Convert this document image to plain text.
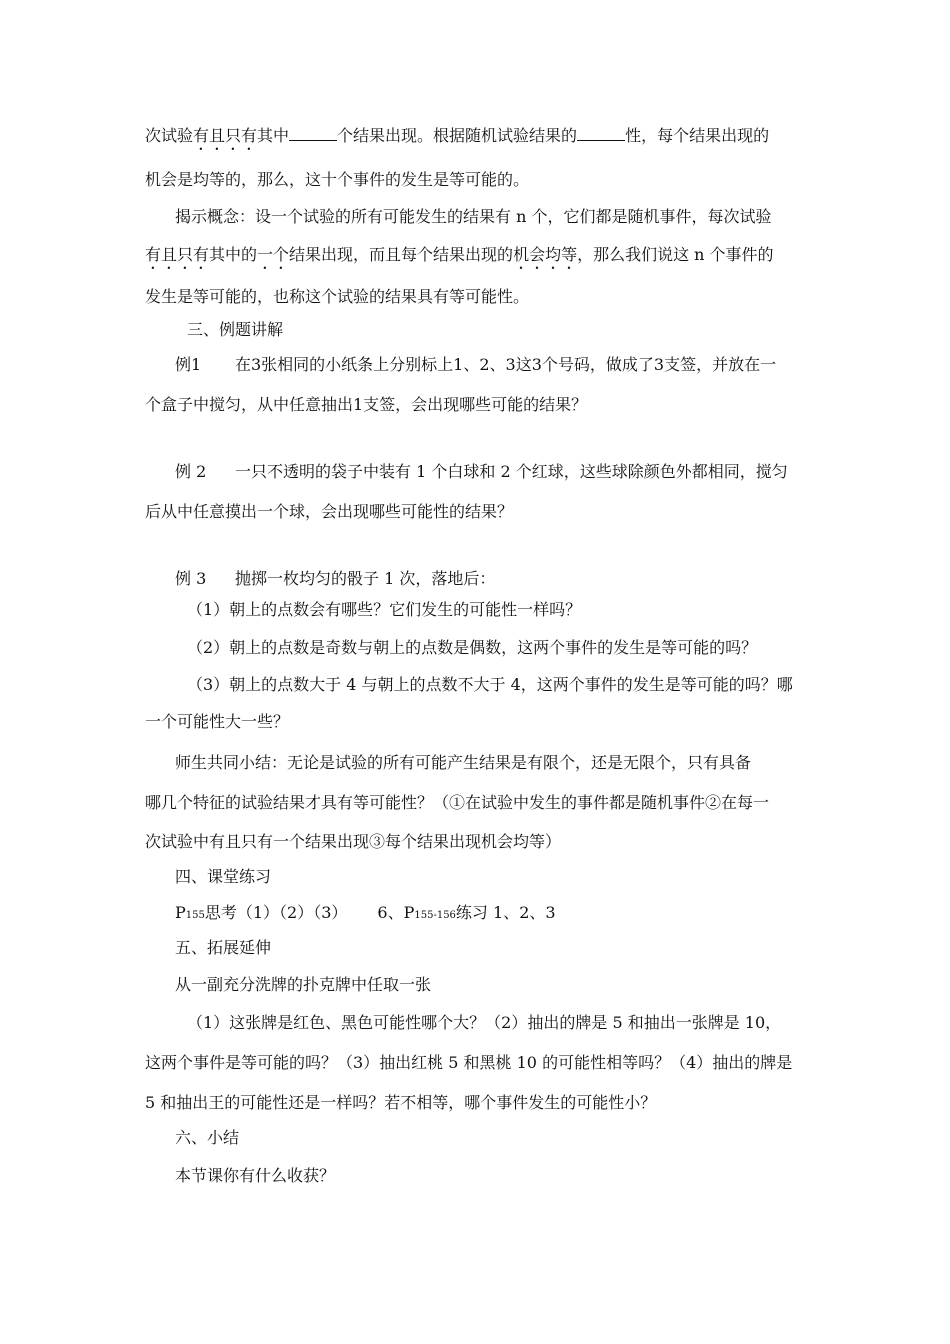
次试验有且只有其中	个结果出现。根据随机试验结果的	性，每个结果出现的
机会是均等的，那么，这十个事件的发生是等可能的。
揭示概念：设一个试验的所有可能发生的结果有 n 个，它们都是随机事件，每次试验
有且只有其中的一个结果出现，而且每个结果出现的机会均等，那么我们说这 n 个事件的
发生是等可能的，也称这个试验的结果具有等可能性。
三、例题讲解
例1 在3张相同的小纸条上分别标上1、2、3这3个号码，做成了3支签，并放在一
个盒子中搅匀，从中任意抽出1支签，会出现哪些可能的结果？
例 2 一只不透明的袋子中装有 1 个白球和 2 个红球，这些球除颜色外都相同，搅匀
后从中任意摸出一个球，会出现哪些可能性的结果？
例 3 抛掷一枚均匀的骰子 1 次，落地后：
（1）朝上的点数会有哪些？它们发生的可能性一样吗？
（2）朝上的点数是奇数与朝上的点数是偶数，这两个事件的发生是等可能的吗？
（3）朝上的点数大于 4 与朝上的点数不大于 4，这两个事件的发生是等可能的吗？哪
一个可能性大一些？
师生共同小结：无论是试验的所有可能产生结果是有限个，还是无限个，只有具备
哪几个特征的试验结果才具有等可能性？（①在试验中发生的事件都是随机事件②在每一
次试验中有且只有一个结果出现③每个结果出现机会均等）
四、课堂练习
P155思考（1）（2）（3） 6、P155-156练习 1、2、3
五、拓展延伸
从一副充分洗牌的扑克牌中任取一张
（1）这张牌是红色、黑色可能性哪个大？（2）抽出的牌是 5 和抽出一张牌是 10，
这两个事件是等可能的吗？（3）抽出红桃 5 和黑桃 10 的可能性相等吗？（4）抽出的牌是
5 和抽出王的可能性还是一样吗？若不相等，哪个事件发生的可能性小？
六、小结
本节课你有什么收获？
